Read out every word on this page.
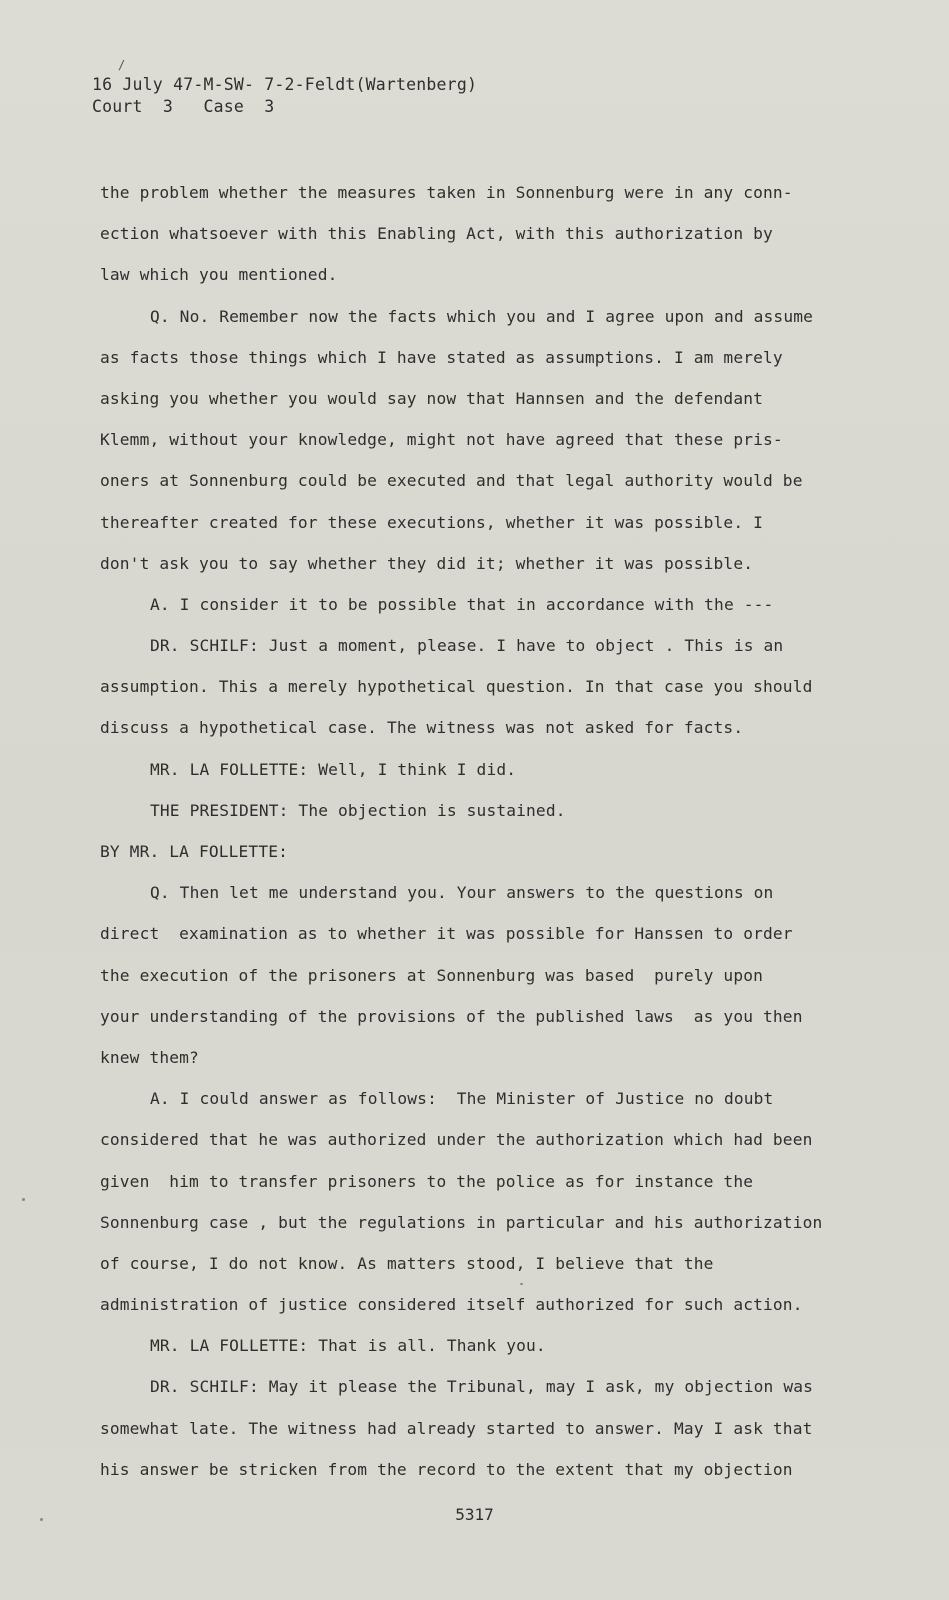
/
16 July 47-M-SW- 7-2-Feldt(Wartenberg)
Court  3   Case  3
the problem whether the measures taken in Sonnenburg were in any conn-
ection whatsoever with this Enabling Act, with this authorization by
law which you mentioned.
Q. No. Remember now the facts which you and I agree upon and assume
as facts those things which I have stated as assumptions. I am merely
asking you whether you would say now that Hannsen and the defendant
Klemm, without your knowledge, might not have agreed that these pris-
oners at Sonnenburg could be executed and that legal authority would be
thereafter created for these executions, whether it was possible. I
don't ask you to say whether they did it; whether it was possible.
A. I consider it to be possible that in accordance with the ---
DR. SCHILF: Just a moment, please. I have to object . This is an
assumption. This a merely hypothetical question. In that case you should
discuss a hypothetical case. The witness was not asked for facts.
MR. LA FOLLETTE: Well, I think I did.
THE PRESIDENT: The objection is sustained.
BY MR. LA FOLLETTE:
Q. Then let me understand you. Your answers to the questions on
direct  examination as to whether it was possible for Hanssen to order
the execution of the prisoners at Sonnenburg was based  purely upon
your understanding of the provisions of the published laws  as you then
knew them?
A. I could answer as follows:  The Minister of Justice no doubt
considered that he was authorized under the authorization which had been
given  him to transfer prisoners to the police as for instance the
Sonnenburg case , but the regulations in particular and his authorization
of course, I do not know. As matters stood, I believe that the
administration of justice considered itself authorized for such action.
MR. LA FOLLETTE: That is all. Thank you.
DR. SCHILF: May it please the Tribunal, may I ask, my objection was
somewhat late. The witness had already started to answer. May I ask that
his answer be stricken from the record to the extent that my objection
5317
